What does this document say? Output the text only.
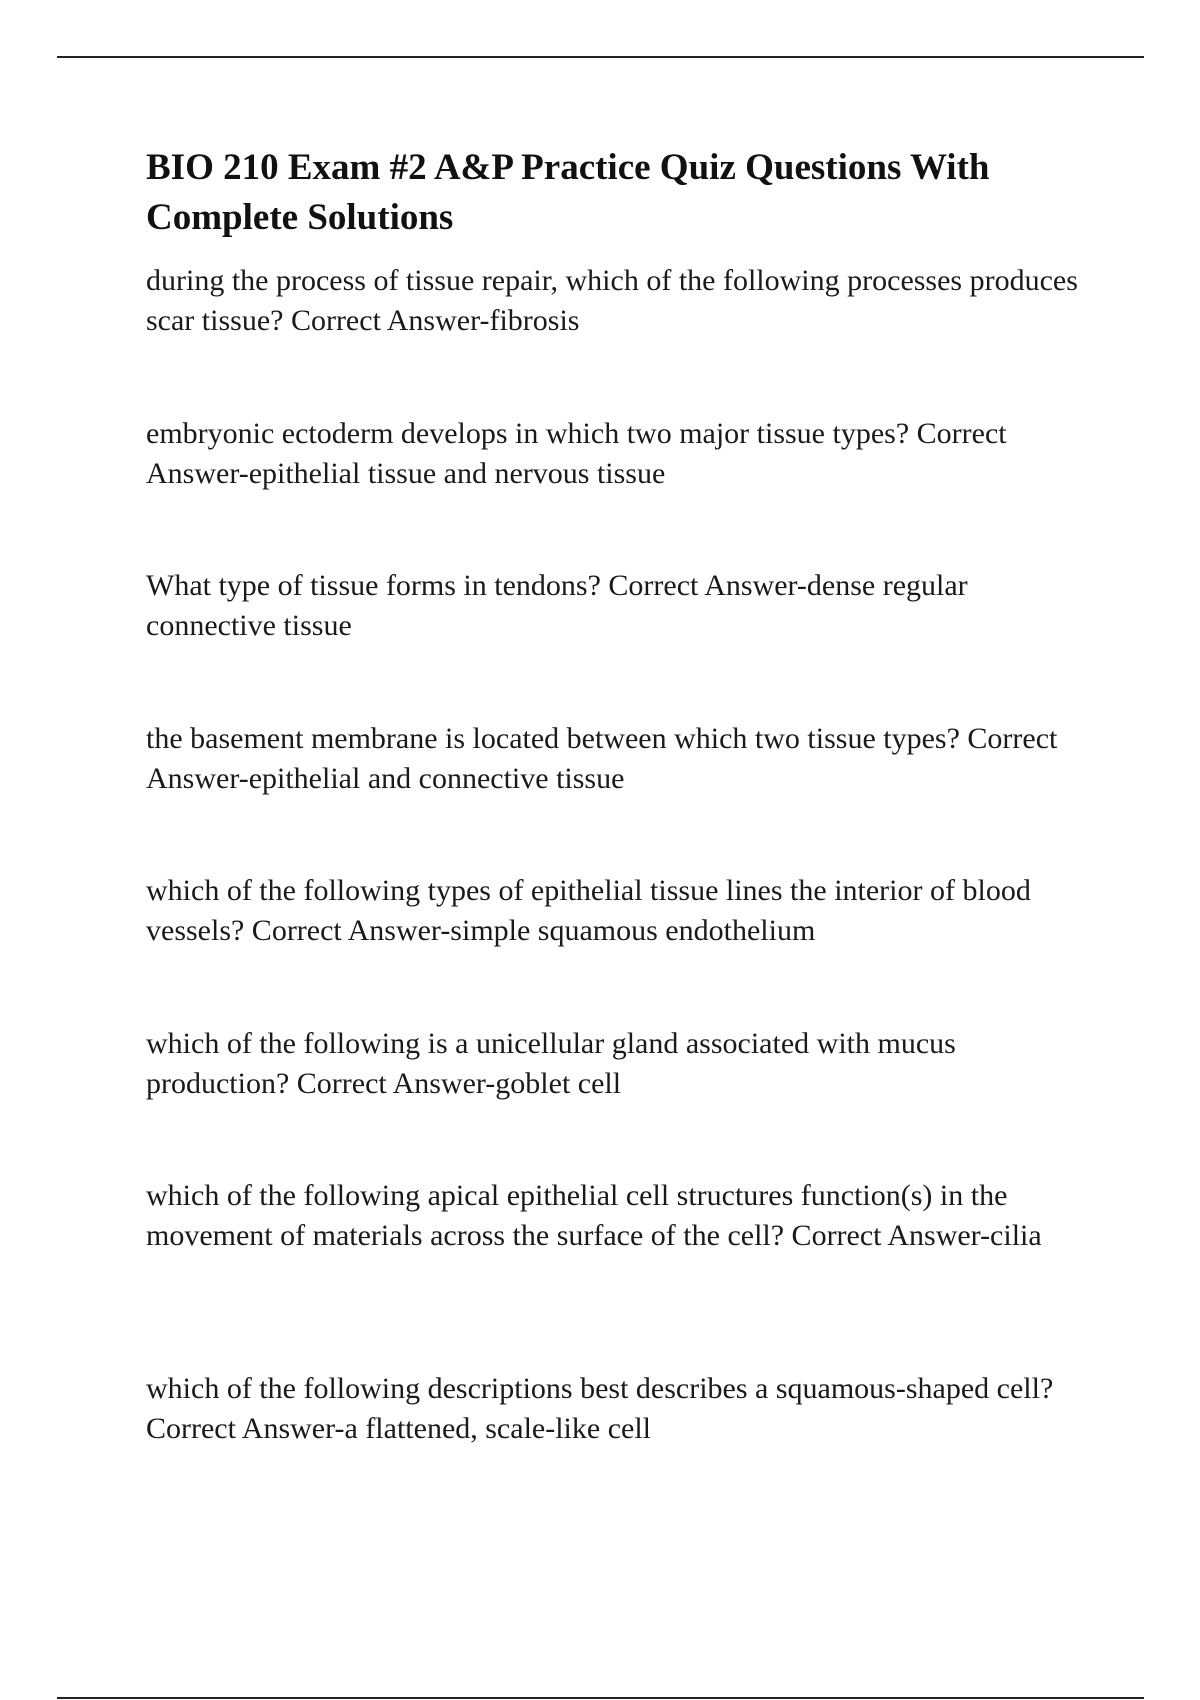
BIO 210 Exam #2 A&P Practice Quiz Questions With Complete Solutions

during the process of tissue repair, which of the following processes produces scar tissue? Correct Answer-fibrosis

embryonic ectoderm develops in which two major tissue types? Correct Answer-epithelial tissue and nervous tissue

What type of tissue forms in tendons? Correct Answer-dense regular connective tissue

the basement membrane is located between which two tissue types? Correct Answer-epithelial and connective tissue

which of the following types of epithelial tissue lines the interior of blood vessels? Correct Answer-simple squamous endothelium

which of the following is a unicellular gland associated with mucus production? Correct Answer-goblet cell

which of the following apical epithelial cell structures function(s) in the movement of materials across the surface of the cell? Correct Answer-cilia

which of the following descriptions best describes a squamous-shaped cell? Correct Answer-a flattened, scale-like cell
